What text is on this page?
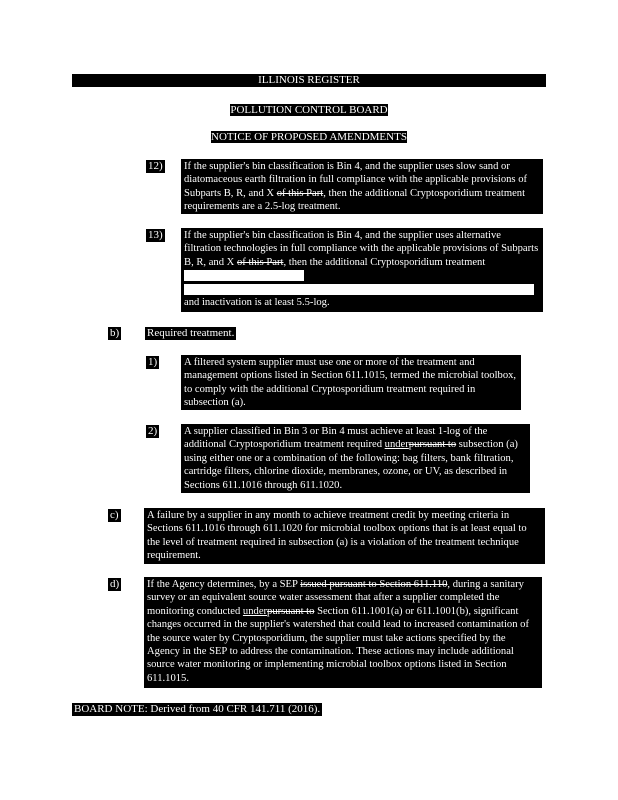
ILLINOIS REGISTER
POLLUTION CONTROL BOARD
NOTICE OF PROPOSED AMENDMENTS
12) If the supplier's bin classification is Bin 4, and the supplier uses slow sand or diatomaceous earth filtration in full compliance with the applicable provisions of Subparts B, R, and X of this Part, then the additional Cryptosporidium treatment requirements are a 2.5-log treatment.
13) If the supplier's bin classification is Bin 4, and the supplier uses alternative filtration technologies in full compliance with the applicable provisions of Subparts B, R, and X of this Part, then the additional Cryptosporidium treatment

and inactivation is at least 5.5-log.
b)	Required treatment.
1)	A filtered system supplier must use one or more of the treatment and management options listed in Section 611.1015, termed the microbial toolbox, to comply with the additional Cryptosporidium treatment required in subsection (a).
2)	A supplier classified in Bin 3 or Bin 4 must achieve at least 1-log of the additional Cryptosporidium treatment required underpursuant to subsection (a) using either one or a combination of the following: bag filters, bank filtration, cartridge filters, chlorine dioxide, membranes, ozone, or UV, as described in Sections 611.1016 through 611.1020.
c)	A failure by a supplier in any month to achieve treatment credit by meeting criteria in Sections 611.1016 through 611.1020 for microbial toolbox options that is at least equal to the level of treatment required in subsection (a) is a violation of the treatment technique requirement.
d)	If the Agency determines, by a SEP issued pursuant to Section 611.110, during a sanitary survey or an equivalent source water assessment that after a supplier completed the monitoring conducted underpursuant to Section 611.1001(a) or 611.1001(b), significant changes occurred in the supplier's watershed that could lead to increased contamination of the source water by Cryptosporidium, the supplier must take actions specified by the Agency in the SEP to address the contamination. These actions may include additional source water monitoring or implementing microbial toolbox options listed in Section 611.1015.
BOARD NOTE: Derived from 40 CFR 141.711 (2016).
